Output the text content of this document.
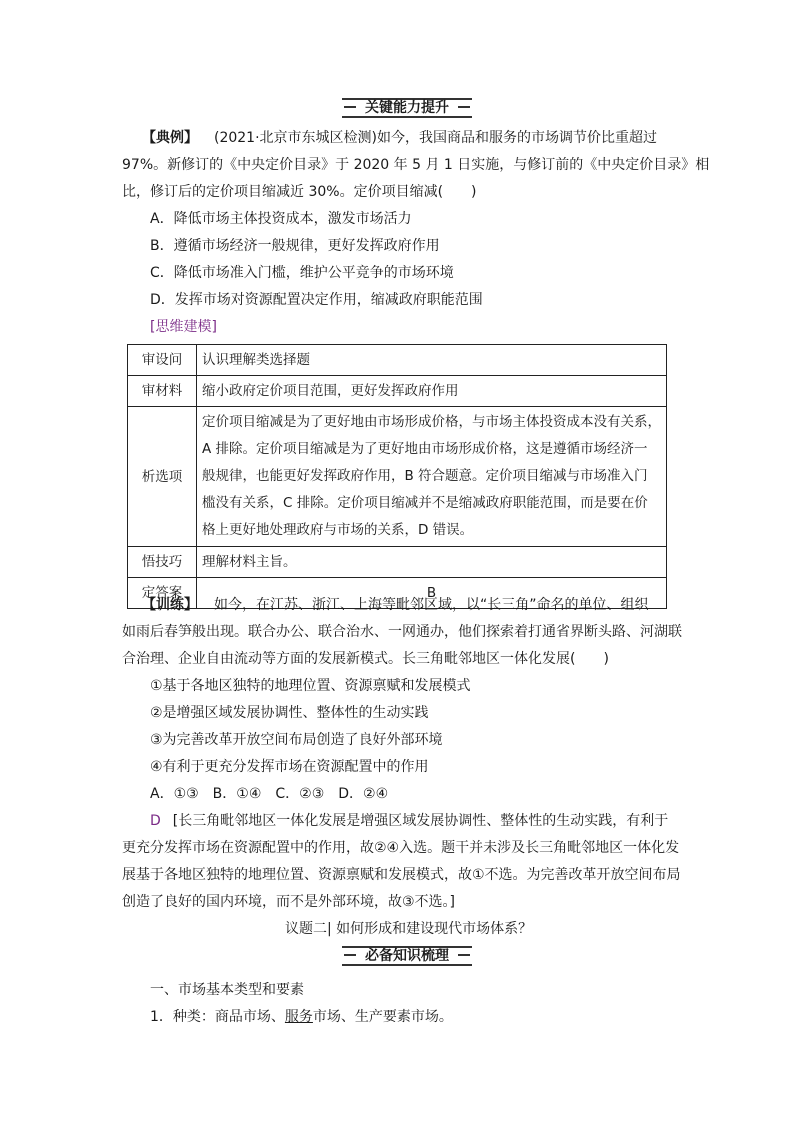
关键能力提升
【典例】 (2021·北京市东城区检测)如今，我国商品和服务的市场调节价比重超过
97%。新修订的《中央定价目录》于 2020 年 5 月 1 日实施，与修订前的《中央定价目录》相
比，修订后的定价项目缩减近 30%。定价项目缩减(　　)
A．降低市场主体投资成本，激发市场活力
B．遵循市场经济一般规律，更好发挥政府作用
C．降低市场准入门槛，维护公平竞争的市场环境
D．发挥市场对资源配置决定作用，缩减政府职能范围
[思维建模]
审设问	认识理解类选择题
审材料	缩小政府定价项目范围，更好发挥政府作用
析选项	定价项目缩减是为了更好地由市场形成价格，与市场主体投资成本没有关系，A 排除。定价项目缩减是为了更好地由市场形成价格，这是遵循市场经济一般规律，也能更好发挥政府作用，B 符合题意。定价项目缩减与市场准入门槛没有关系，C 排除。定价项目缩减并不是缩减政府职能范围，而是要在价格上更好地处理政府与市场的关系，D 错误。
悟技巧	理解材料主旨。
定答案	B
【训练】 如今，在江苏、浙江、上海等毗邻区域，以“长三角”命名的单位、组织
如雨后春笋般出现。联合办公、联合治水、一网通办，他们探索着打通省界断头路、河湖联
合治理、企业自由流动等方面的发展新模式。长三角毗邻地区一体化发展(　　)
①基于各地区独特的地理位置、资源禀赋和发展模式
②是增强区域发展协调性、整体性的生动实践
③为完善改革开放空间布局创造了良好外部环境
④有利于更充分发挥市场在资源配置中的作用
A．①③　B．①④　C．②③　D．②④
D [长三角毗邻地区一体化发展是增强区域发展协调性、整体性的生动实践，有利于
更充分发挥市场在资源配置中的作用，故②④入选。题干并未涉及长三角毗邻地区一体化发
展基于各地区独特的地理位置、资源禀赋和发展模式，故①不选。为完善改革开放空间布局
创造了良好的国内环境，而不是外部环境，故③不选。]
议题二| 如何形成和建设现代市场体系？
必备知识梳理
一、市场基本类型和要素
1．种类：商品市场、服务市场、生产要素市场。
